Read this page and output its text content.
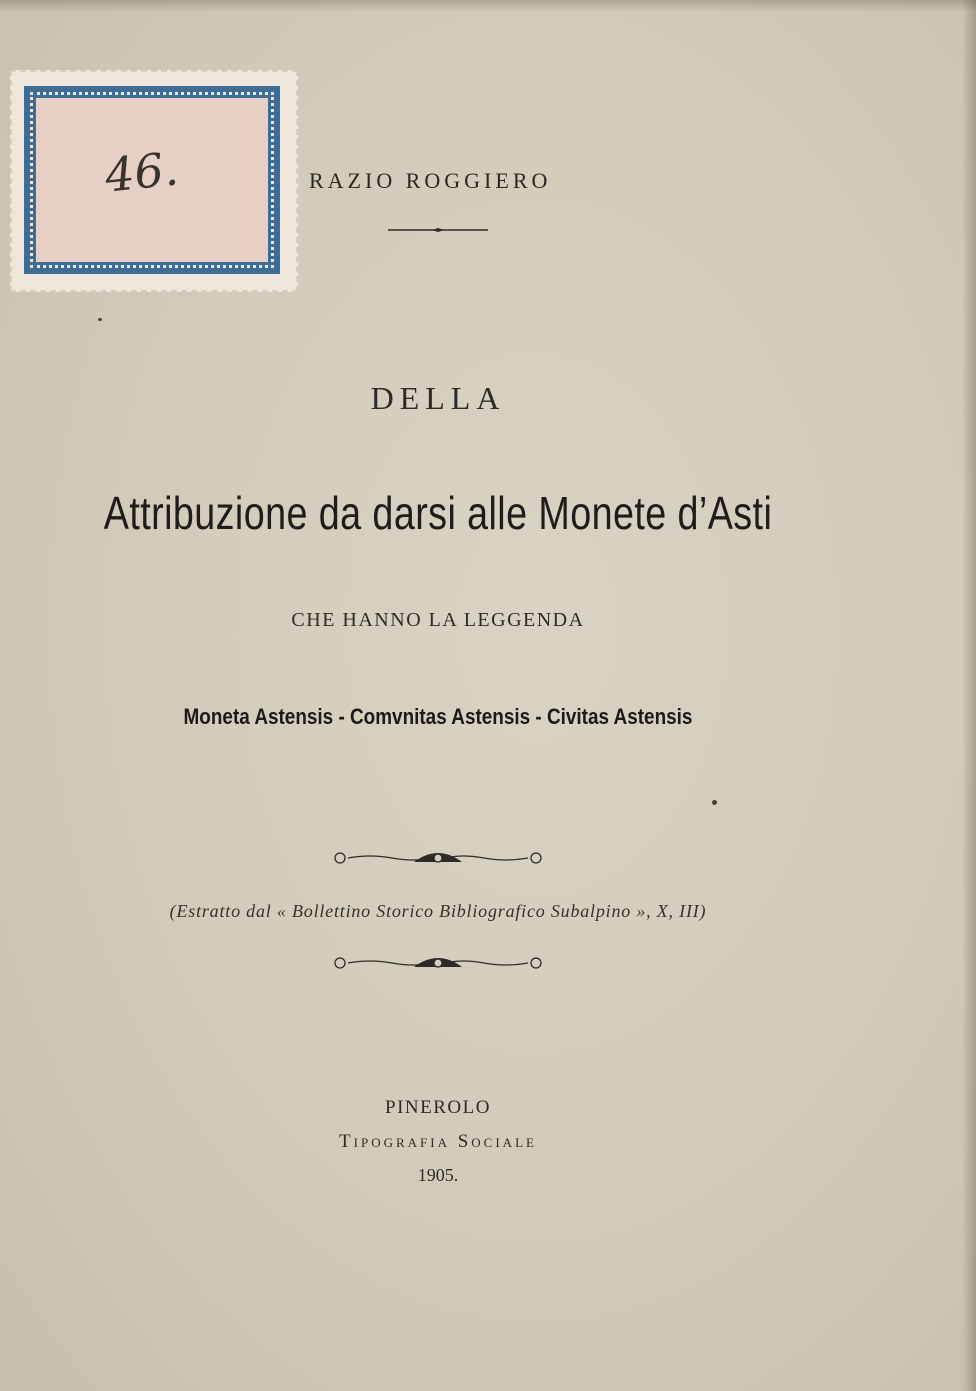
46.	RAZIO ROGGIERO
DELLA
Attribuzione da darsi alle Monete d’Asti
CHE HANNO LA LEGGENDA
Moneta Astensis - Comvnitas Astensis - Civitas Astensis
(Estratto dal « Bollettino Storico Bibliografico Subalpino », X, III)
PINEROLO
Tipografia Sociale
1905.
